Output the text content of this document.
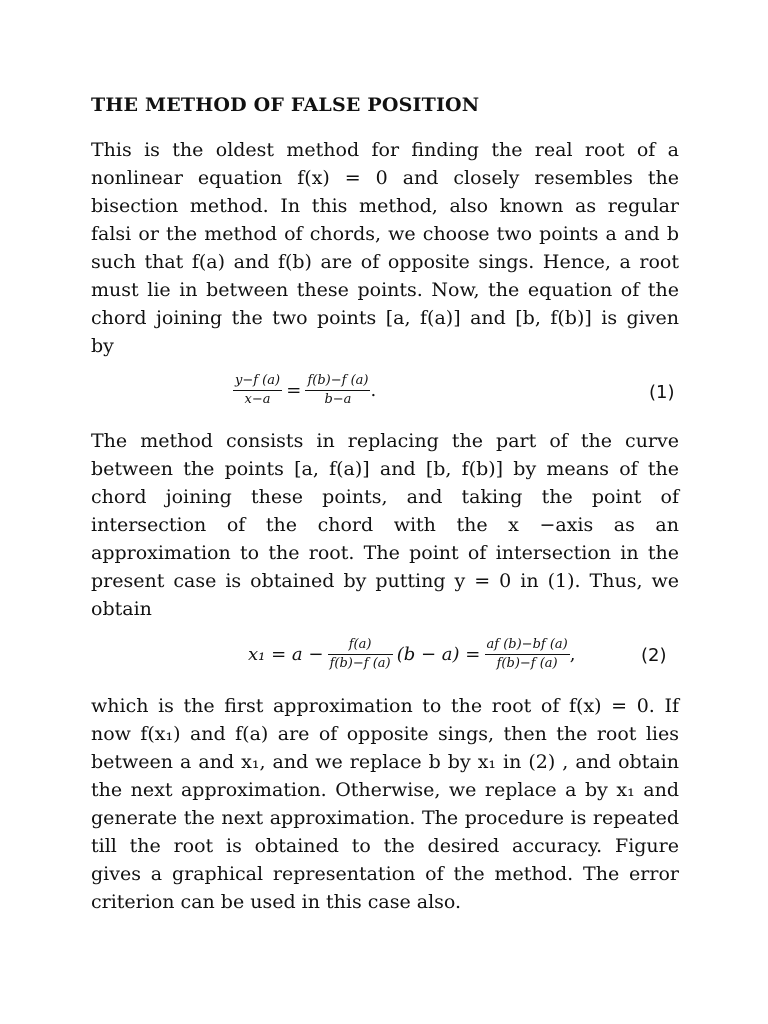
THE METHOD OF FALSE POSITION
This is the oldest method for finding the real root of a
nonlinear equation f(x) = 0 and closely resembles the
bisection method. In this method, also known as regular
falsi or the method of chords, we choose two points a and b
such that f(a) and f(b) are of opposite sings. Hence, a root
must lie in between these points. Now, the equation of the
chord joining the two points [a, f(a)] and [b, f(b)] is given
by
$\frac{y-f (a)}{x-a} = \frac{f(b)-f (a)}{b-a}$ .	(1)
The method consists in replacing the part of the curve
between the points [a, f(a)] and [b, f(b)] by means of the
chord joining these points, and taking the point of
intersection of the chord with the x −axis as an
approximation to the root. The point of intersection in the
present case is obtained by putting y = 0 in (1). Thus, we
obtain
$x_1 = a - \frac{f(a)}{f(b)-f (a)} (b - a) = \frac{af (b)-bf (a)}{f(b)-f (a)}$ ,	(2)
which is the first approximation to the root of f(x) = 0. If
now f(x₁) and f(a) are of opposite sings, then the root lies
between a and x₁, and we replace b by x₁ in (2) , and obtain
the next approximation. Otherwise, we replace a by x₁ and
generate the next approximation. The procedure is repeated
till the root is obtained to the desired accuracy. Figure
gives a graphical representation of the method. The error
criterion can be used in this case also.
